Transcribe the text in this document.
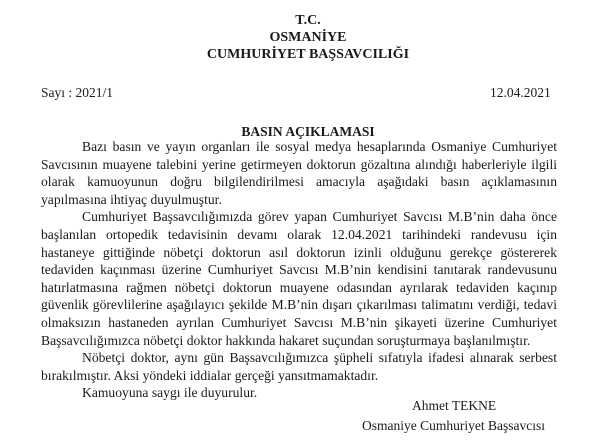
T.C.
OSMANİYE
CUMHURİYET BAŞSAVCILIĞI
Sayı : 2021/1	12.04.2021
BASIN AÇIKLAMASI

Bazı basın ve yayın organları ile sosyal medya hesaplarında Osmaniye Cumhuriyet Savcısının muayene talebini yerine getirmeyen doktorun gözaltına alındığı haberleriyle ilgili olarak kamuoyunun doğru bilgilendirilmesi amacıyla aşağıdaki basın açıklamasının yapılmasına ihtiyaç duyulmuştur.

Cumhuriyet Başsavcılığımızda görev yapan Cumhuriyet Savcısı M.B’nin daha önce başlanılan ortopedik tedavisinin devamı olarak 12.04.2021 tarihindeki randevusu için hastaneye gittiğinde nöbetçi doktorun asıl doktorun izinli olduğunu gerekçe göstererek tedaviden kaçınması üzerine Cumhuriyet Savcısı M.B’nin kendisini tanıtarak randevusunu hatırlatmasına rağmen nöbetçi doktorun muayene odasından ayrılarak tedaviden kaçınıp güvenlik görevlilerine aşağılayıcı şekilde M.B’nin dışarı çıkarılması talimatını verdiği, tedavi olmaksızın hastaneden ayrılan Cumhuriyet Savcısı M.B’nin şikayeti üzerine Cumhuriyet Başsavcılığımızca nöbetçi doktor hakkında hakaret suçundan soruşturmaya başlanılmıştır.

Nöbetçi doktor, aynı gün Başsavcılığımızca şüpheli sıfatıyla ifadesi alınarak serbest bırakılmıştır. Aksi yöndeki iddialar gerçeği yansıtmamaktadır.

Kamuoyuna saygı ile duyurulur.

Ahmet TEKNE
Osmaniye Cumhuriyet Başsavcısı
